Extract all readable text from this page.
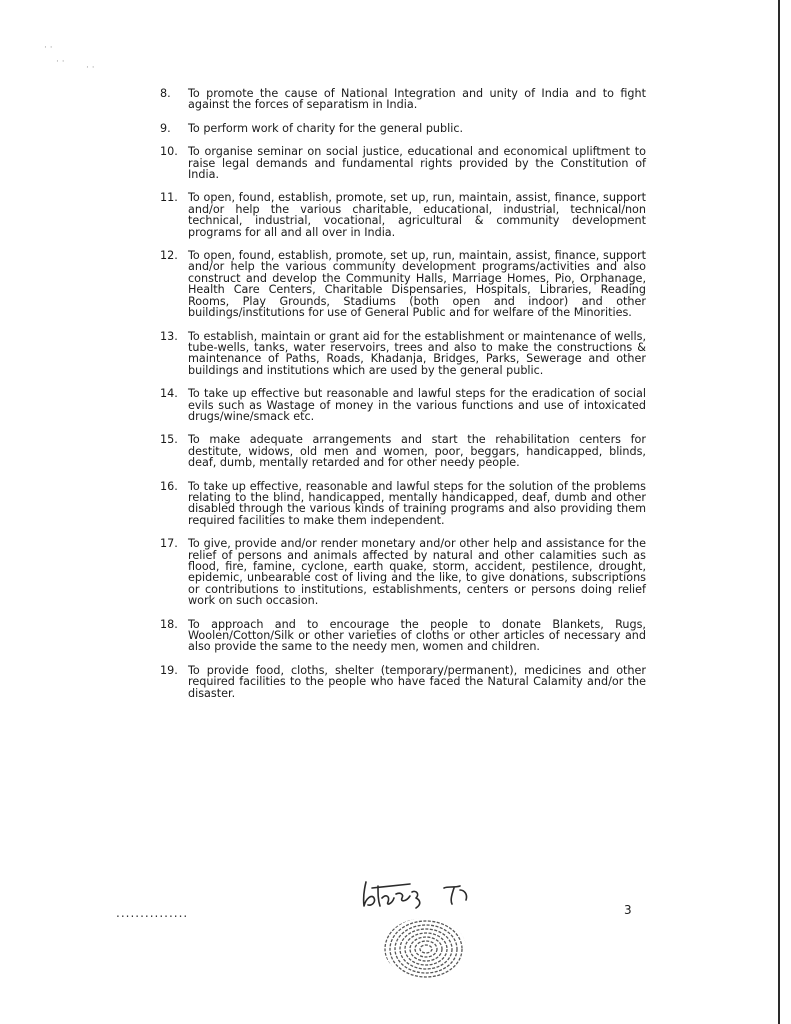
· ·
· ·
· ·
8.	To promote the cause of National Integration and unity of India and to fight against the forces of separatism in India.
9.	To perform work of charity for the general public.
10. To organise seminar on social justice, educational and economical upliftment to raise legal demands and fundamental rights provided by the Constitution of India.
11. To open, found, establish, promote, set up, run, maintain, assist, finance, support and/or help the various charitable, educational, industrial, technical/non technical, industrial, vocational, agricultural & community development programs for all and all over in India.
12. To open, found, establish, promote, set up, run, maintain, assist, finance, support and/or help the various community development programs/activities and also construct and develop the Community Halls, Marriage Homes, Pio, Orphanage, Health Care Centers, Charitable Dispensaries, Hospitals, Libraries, Reading Rooms, Play Grounds, Stadiums (both open and indoor) and other buildings/institutions for use of General Public and for welfare of the Minorities.
13. To establish, maintain or grant aid for the establishment or maintenance of wells, tube-wells, tanks, water reservoirs, trees and also to make the constructions & maintenance of Paths, Roads, Khadanja, Bridges, Parks, Sewerage and other buildings and institutions which are used by the general public.
14. To take up effective but reasonable and lawful steps for the eradication of social evils such as Wastage of money in the various functions and use of intoxicated drugs/wine/smack etc.
15. To make adequate arrangements and start the rehabilitation centers for destitute, widows, old men and women, poor, beggars, handicapped, blinds, deaf, dumb, mentally retarded and for other needy people.
16. To take up effective, reasonable and lawful steps for the solution of the problems relating to the blind, handicapped, mentally handicapped, deaf, dumb and other disabled through the various kinds of training programs and also providing them required facilities to make them independent.
17. To give, provide and/or render monetary and/or other help and assistance for the relief of persons and animals affected by natural and other calamities such as flood, fire, famine, cyclone, earth quake, storm, accident, pestilence, drought, epidemic, unbearable cost of living and the like, to give donations, subscriptions or contributions to institutions, establishments, centers or persons doing relief work on such occasion.
18. To approach and to encourage the people to donate Blankets, Rugs, Woolen/Cotton/Silk or other varieties of cloths or other articles of necessary and also provide the same to the needy men, women and children.
19. To provide food, cloths, shelter (temporary/permanent), medicines and other required facilities to the people who have faced the Natural Calamity and/or the disaster.
...............	3
